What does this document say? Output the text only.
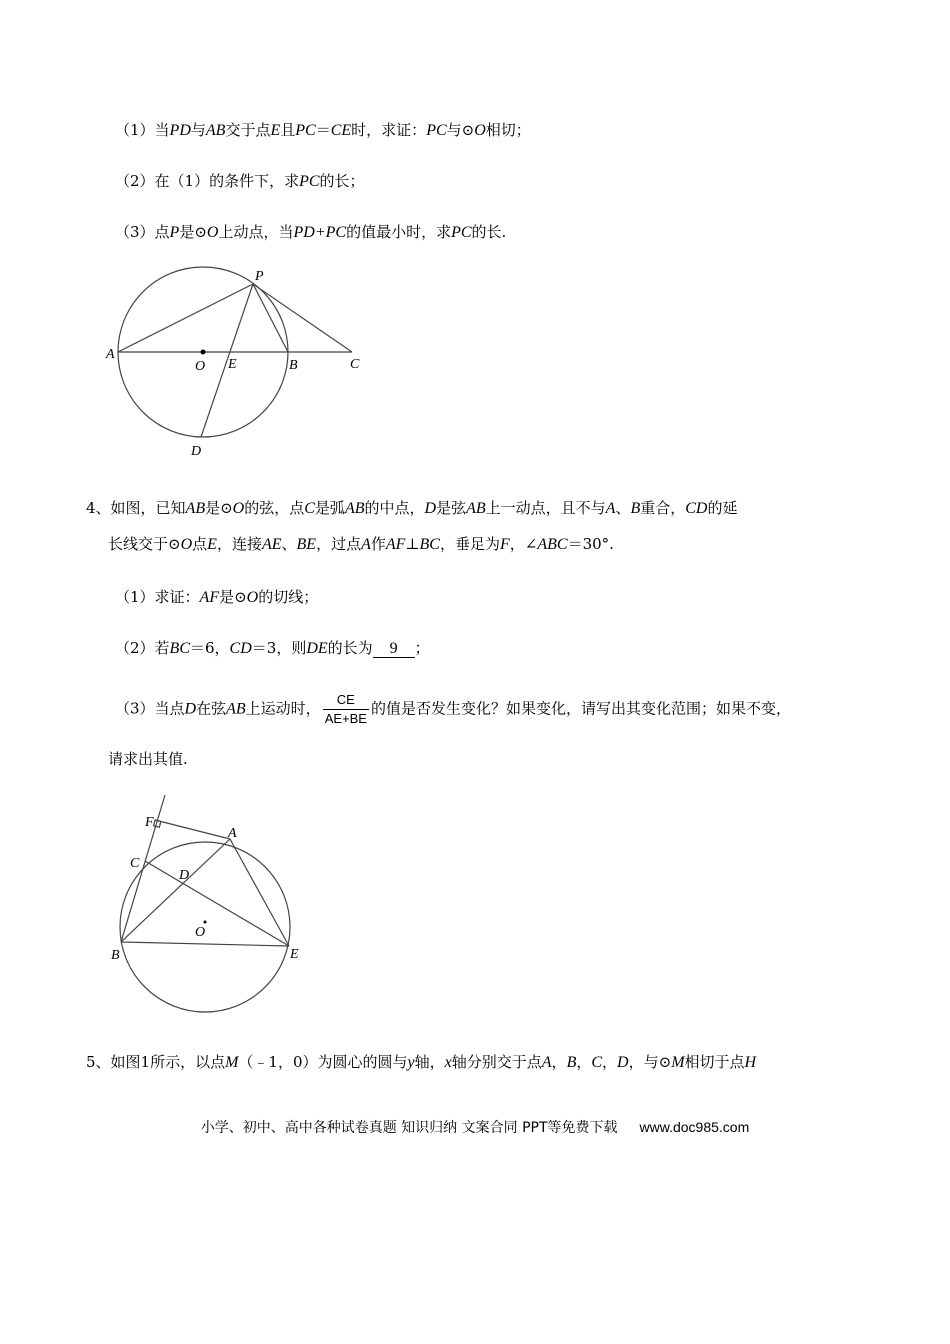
（1）当PD与AB交于点E且PC＝CE时，求证：PC与⊙O相切；
（2）在（1）的条件下，求PC的长；
（3）点P是⊙O上动点，当PD+PC的值最小时，求PC的长.
P
A
O E	B	C
D
4、如图，已知AB是⊙O的弦，点C是弧AB的中点，D是弦AB上一动点，且不与A、B重合，CD的延
长线交于⊙O点E，连接AE、BE，过点A作AF⊥BC，垂足为F，∠ABC＝30°.
（1）求证：AF是⊙O的切线；
（2）若BC＝6，CD＝3，则DE的长为 9 ；
（3）当点D在弦AB上运动时， $\frac{CE}{AE+BE}$ 的值是否发生变化？如果变化，请写出其变化范围；如果不变，
请求出其值.
F
A
C
D
O
B	E
5、如图1所示，以点M（﹣1，0）为圆心的圆与y轴，x轴分别交于点A，B，C，D，与⊙M相切于点H
小学、初中、高中各种试卷真题 知识归纳 文案合同 PPT等免费下载 www.doc985.com
